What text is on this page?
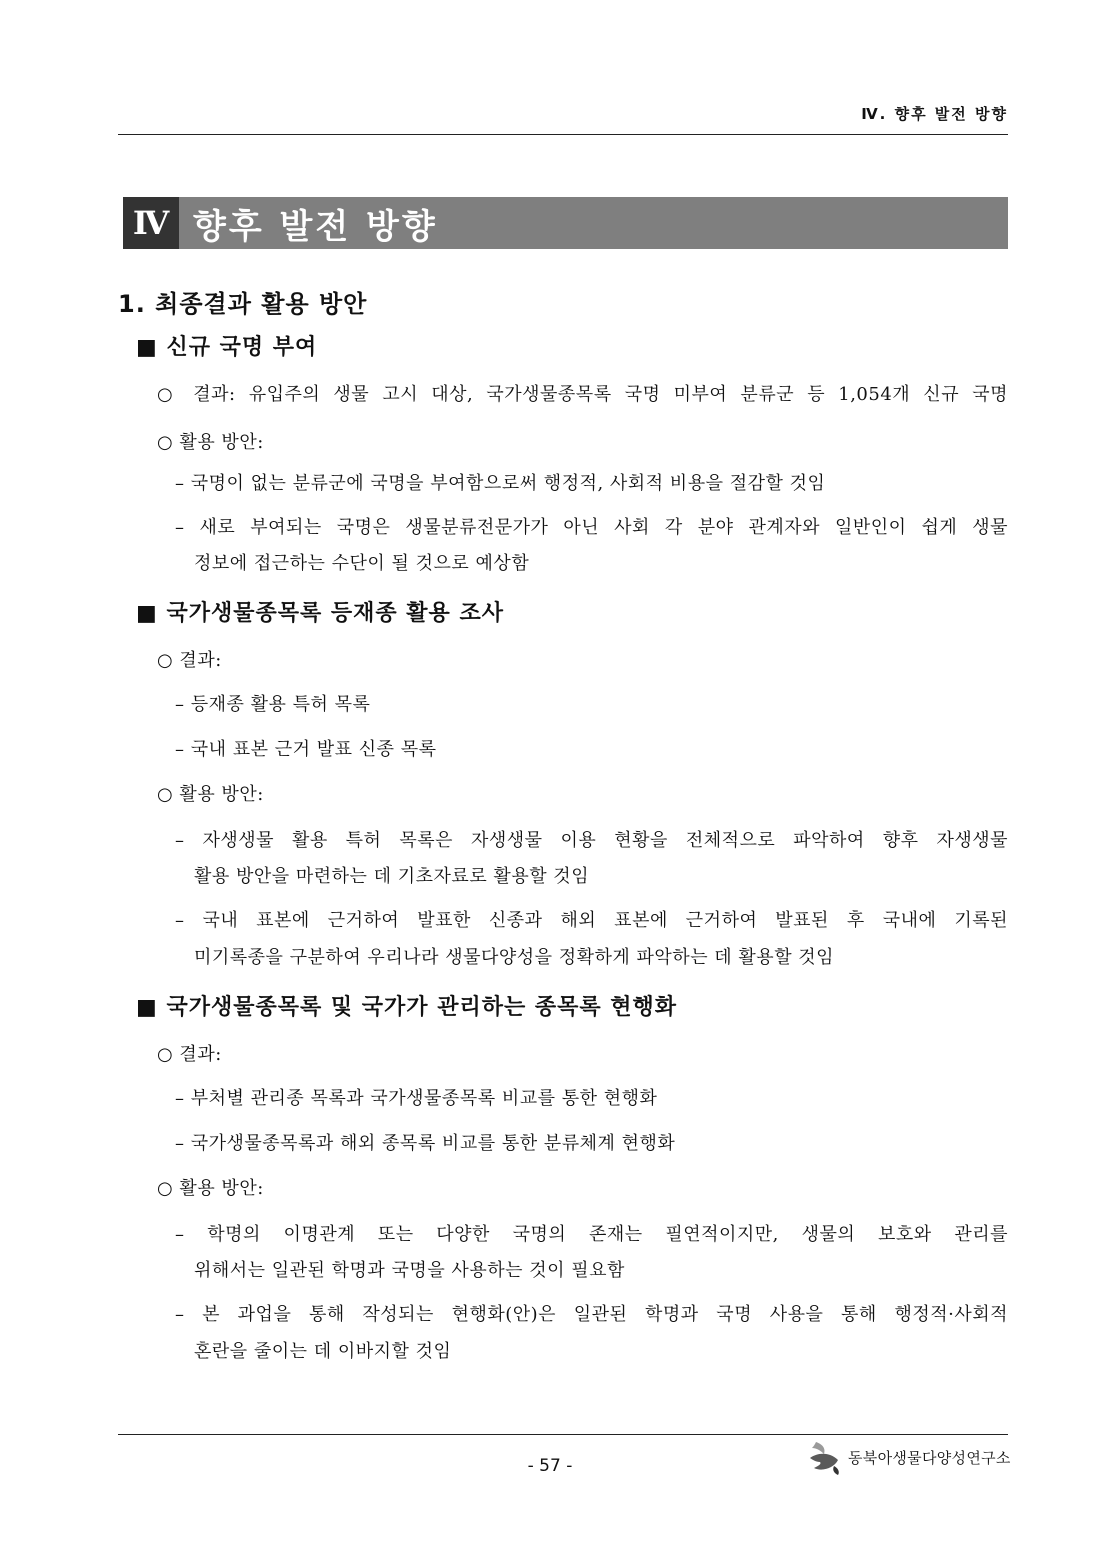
Ⅳ. 향후 발전 방향
Ⅳ 향후 발전 방향
1. 최종결과 활용 방안
■ 신규 국명 부여
○ 결과: 유입주의 생물 고시 대상, 국가생물종목록 국명 미부여 분류군 등 1,054개 신규 국명
○ 활용 방안:
– 국명이 없는 분류군에 국명을 부여함으로써 행정적, 사회적 비용을 절감할 것임
– 새로 부여되는 국명은 생물분류전문가가 아닌 사회 각 분야 관계자와 일반인이 쉽게 생물
정보에 접근하는 수단이 될 것으로 예상함
■ 국가생물종목록 등재종 활용 조사
○ 결과:
– 등재종 활용 특허 목록
– 국내 표본 근거 발표 신종 목록
○ 활용 방안:
– 자생생물 활용 특허 목록은 자생생물 이용 현황을 전체적으로 파악하여 향후 자생생물
활용 방안을 마련하는 데 기초자료로 활용할 것임
– 국내 표본에 근거하여 발표한 신종과 해외 표본에 근거하여 발표된 후 국내에 기록된
미기록종을 구분하여 우리나라 생물다양성을 정확하게 파악하는 데 활용할 것임
■ 국가생물종목록 및 국가가 관리하는 종목록 현행화
○ 결과:
– 부처별 관리종 목록과 국가생물종목록 비교를 통한 현행화
– 국가생물종목록과 해외 종목록 비교를 통한 분류체계 현행화
○ 활용 방안:
– 학명의 이명관계 또는 다양한 국명의 존재는 필연적이지만, 생물의 보호와 관리를
위해서는 일관된 학명과 국명을 사용하는 것이 필요함
– 본 과업을 통해 작성되는 현행화(안)은 일관된 학명과 국명 사용을 통해 행정적·사회적
혼란을 줄이는 데 이바지할 것임
- 57 -	동북아생물다양성연구소
